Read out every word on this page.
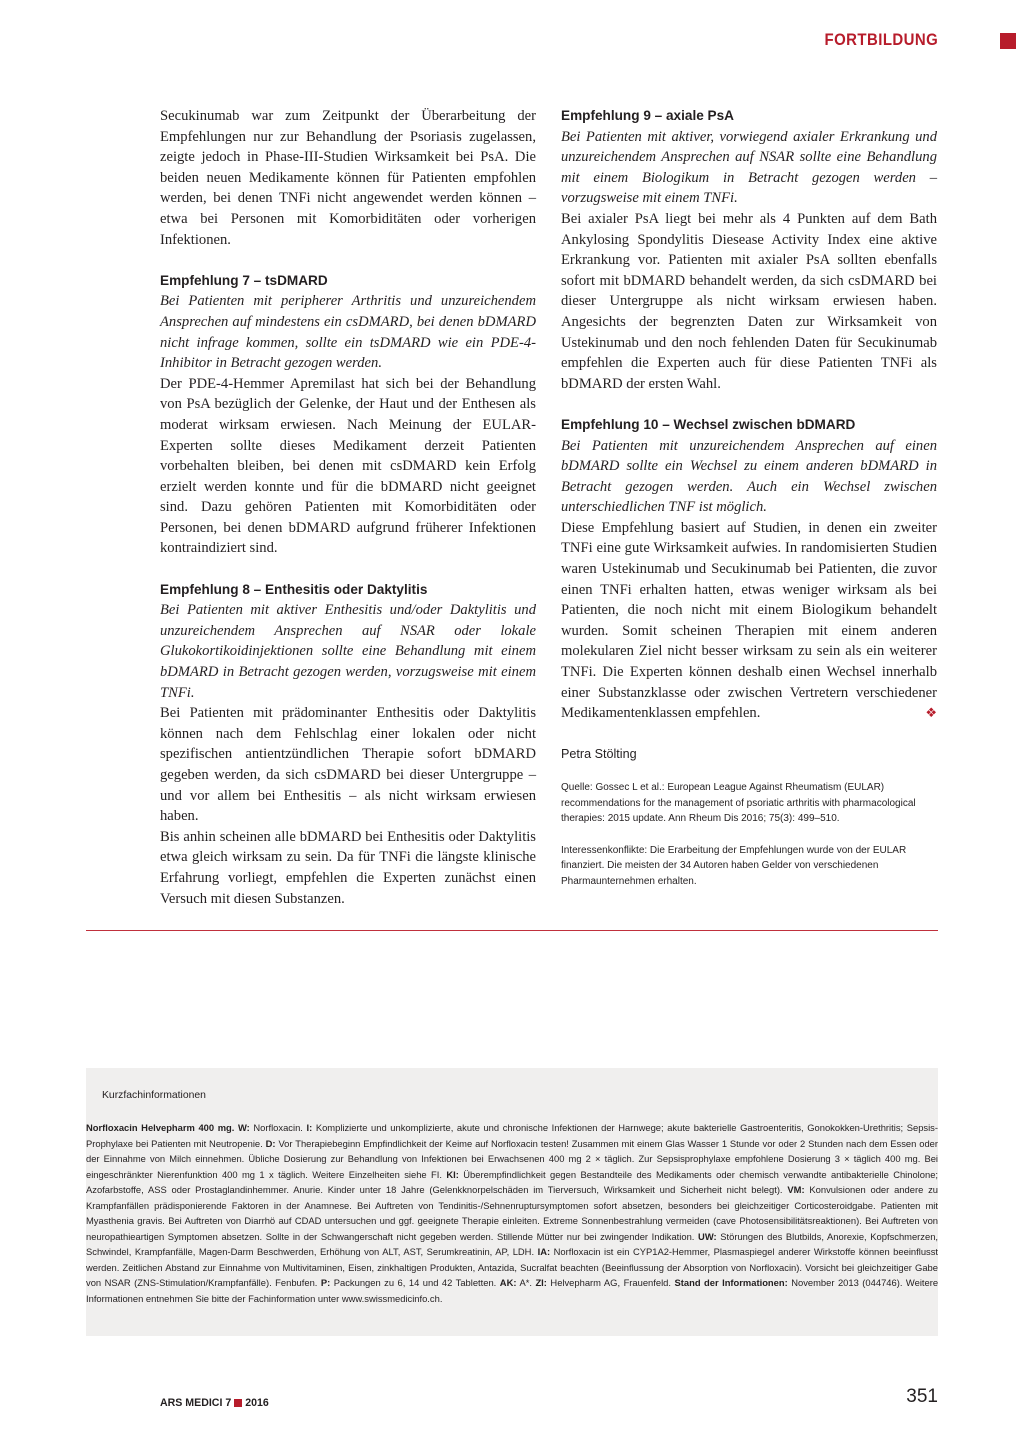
FORTBILDUNG

Secukinumab war zum Zeitpunkt der Überarbeitung der Empfehlungen nur zur Behandlung der Psoriasis zugelassen, zeigte jedoch in Phase-III-Studien Wirksamkeit bei PsA. Die beiden neuen Medikamente können für Patienten empfohlen werden, bei denen TNFi nicht angewendet werden können – etwa bei Personen mit Komorbiditäten oder vorherigen Infektionen.

Empfehlung 7 – tsDMARD

Bei Patienten mit peripherer Arthritis und unzureichendem Ansprechen auf mindestens ein csDMARD, bei denen bDMARD nicht infrage kommen, sollte ein tsDMARD wie ein PDE-4-Inhibitor in Betracht gezogen werden.

Der PDE-4-Hemmer Apremilast hat sich bei der Behandlung von PsA bezüglich der Gelenke, der Haut und der Enthesen als moderat wirksam erwiesen. Nach Meinung der EULAR-Experten sollte dieses Medikament derzeit Patienten vorbehalten bleiben, bei denen mit csDMARD kein Erfolg erzielt werden konnte und für die bDMARD nicht geeignet sind. Dazu gehören Patienten mit Komorbiditäten oder Personen, bei denen bDMARD aufgrund früherer Infektionen kontraindiziert sind.

Empfehlung 8 – Enthesitis oder Daktylitis

Bei Patienten mit aktiver Enthesitis und/oder Daktylitis und unzureichendem Ansprechen auf NSAR oder lokale Glukokortikoidinjektionen sollte eine Behandlung mit einem bDMARD in Betracht gezogen werden, vorzugsweise mit einem TNFi.

Bei Patienten mit prädominanter Enthesitis oder Daktylitis können nach dem Fehlschlag einer lokalen oder nicht spezifischen antientzündlichen Therapie sofort bDMARD gegeben werden, da sich csDMARD bei dieser Untergruppe – und vor allem bei Enthesitis – als nicht wirksam erwiesen haben.

Bis anhin scheinen alle bDMARD bei Enthesitis oder Daktylitis etwa gleich wirksam zu sein. Da für TNFi die längste klinische Erfahrung vorliegt, empfehlen die Experten zunächst einen Versuch mit diesen Substanzen.

Empfehlung 9 – axiale PsA

Bei Patienten mit aktiver, vorwiegend axialer Erkrankung und unzureichendem Ansprechen auf NSAR sollte eine Behandlung mit einem Biologikum in Betracht gezogen werden – vorzugsweise mit einem TNFi.

Bei axialer PsA liegt bei mehr als 4 Punkten auf dem Bath Ankylosing Spondylitis Diesease Activity Index eine aktive Erkrankung vor. Patienten mit axialer PsA sollten ebenfalls sofort mit bDMARD behandelt werden, da sich csDMARD bei dieser Untergruppe als nicht wirksam erwiesen haben. Angesichts der begrenzten Daten zur Wirksamkeit von Ustekinumab und den noch fehlenden Daten für Secukinumab empfehlen die Experten auch für diese Patienten TNFi als bDMARD der ersten Wahl.

Empfehlung 10 – Wechsel zwischen bDMARD

Bei Patienten mit unzureichendem Ansprechen auf einen bDMARD sollte ein Wechsel zu einem anderen bDMARD in Betracht gezogen werden. Auch ein Wechsel zwischen unterschiedlichen TNF ist möglich.

Diese Empfehlung basiert auf Studien, in denen ein zweiter TNFi eine gute Wirksamkeit aufwies. In randomisierten Studien waren Ustekinumab und Secukinumab bei Patienten, die zuvor einen TNFi erhalten hatten, etwas weniger wirksam als bei Patienten, die noch nicht mit einem Biologikum behandelt wurden. Somit scheinen Therapien mit einem anderen molekularen Ziel nicht besser wirksam zu sein als ein weiterer TNFi. Die Experten können deshalb einen Wechsel innerhalb einer Substanzklasse oder zwischen Vertretern verschiedener Medikamentenklassen empfehlen.	❖

Petra Stölting

Quelle: Gossec L et al.: European League Against Rheumatism (EULAR) recommendations for the management of psoriatic arthritis with pharmacological therapies: 2015 update. Ann Rheum Dis 2016; 75(3): 499–510.

Interessenkonflikte: Die Erarbeitung der Empfehlungen wurde von der EULAR finanziert. Die meisten der 34 Autoren haben Gelder von verschiedenen Pharmaunternehmen erhalten.

Kurzfachinformationen
Norfloxacin Helvepharm 400 mg. W: Norfloxacin. I: Komplizierte und unkomplizierte, akute und chronische Infektionen der Harnwege; akute bakterielle Gastroenteritis, Gonokokken-Urethritis; Sepsis-Prophylaxe bei Patienten mit Neutropenie. D: Vor Therapiebeginn Empfindlichkeit der Keime auf Norfloxacin testen! Zusammen mit einem Glas Wasser 1 Stunde vor oder 2 Stunden nach dem Essen oder der Einnahme von Milch einnehmen. Übliche Dosierung zur Behandlung von Infektionen bei Erwachsenen 400 mg 2 × täglich. Zur Sepsisprophylaxe empfohlene Dosierung 3 × täglich 400 mg. Bei eingeschränkter Nierenfunktion 400 mg 1 x täglich. Weitere Einzelheiten siehe FI. KI: Überempfindlichkeit gegen Bestandteile des Medikaments oder chemisch verwandte antibakterielle Chinolone; Azofarbstoffe, ASS oder Prostaglandinhemmer. Anurie. Kinder unter 18 Jahre (Gelenkknorpelschäden im Tierversuch, Wirksamkeit und Sicherheit nicht belegt). VM: Konvulsionen oder andere zu Krampfanfällen prädisponierende Faktoren in der Anamnese. Bei Auftreten von Tendinitis-/Sehnenruptursymptomen sofort absetzen, besonders bei gleichzeitiger Corticosteroidgabe. Patienten mit Myasthenia gravis. Bei Auftreten von Diarrhö auf CDAD untersuchen und ggf. geeignete Therapie einleiten. Extreme Sonnenbestrahlung vermeiden (cave Photosensibilitätsreaktionen). Bei Auftreten von neuropathieartigen Symptomen absetzen. Sollte in der Schwangerschaft nicht gegeben werden. Stillende Mütter nur bei zwingender Indikation. UW: Störungen des Blutbilds, Anorexie, Kopfschmerzen, Schwindel, Krampfanfälle, Magen-Darm Beschwerden, Erhöhung von ALT, AST, Serumkreatinin, AP, LDH. IA: Norfloxacin ist ein CYP1A2-Hemmer, Plasmaspiegel anderer Wirkstoffe können beeinflusst werden. Zeitlichen Abstand zur Einnahme von Multivitaminen, Eisen, zinkhaltigen Produkten, Antazida, Sucralfat beachten (Beeinflussung der Absorption von Norfloxacin). Vorsicht bei gleichzeitiger Gabe von NSAR (ZNS-Stimulation/Krampfanfälle). Fenbufen. P: Packungen zu 6, 14 und 42 Tabletten. AK: A*. ZI: Helvepharm AG, Frauenfeld. Stand der Informationen: November 2013 (044746). Weitere Informationen entnehmen Sie bitte der Fachinformation unter www.swissmedicinfo.ch.
ARS MEDICI 7 2016	351
